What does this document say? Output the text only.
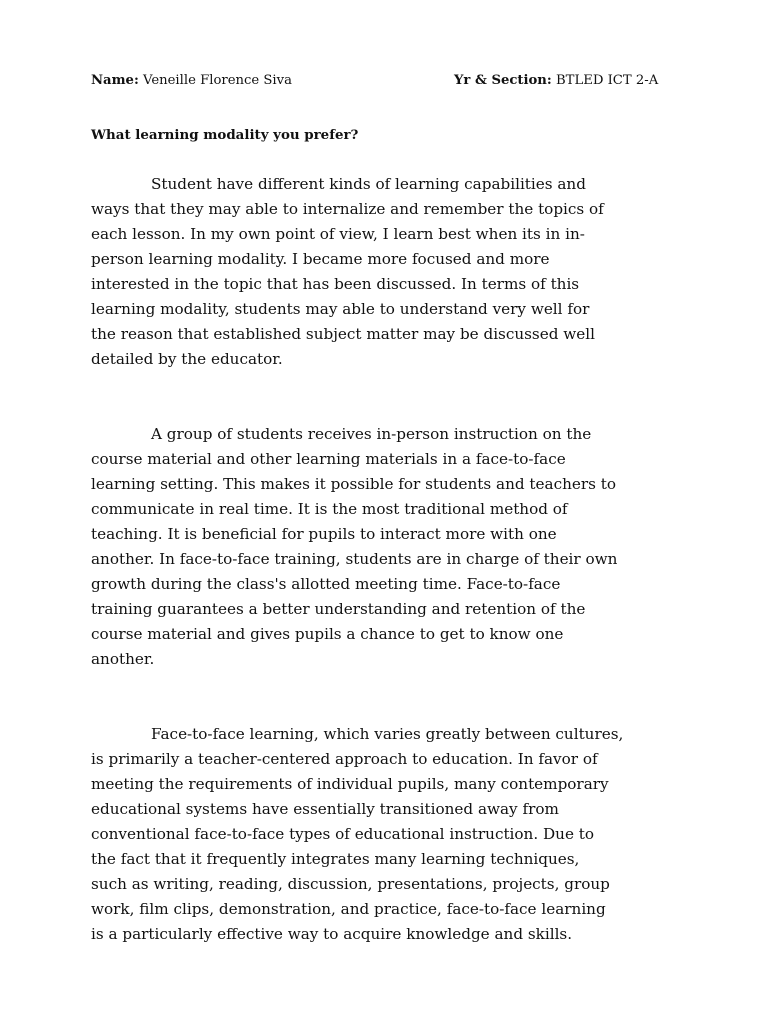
Name: Veneille Florence Siva	Yr & Section: BTLED ICT 2-A
What learning modality you prefer?
Student have different kinds of learning capabilities and
ways that they may able to internalize and remember the topics of
each lesson. In my own point of view, I learn best when its in in-
person learning modality. I became more focused and more
interested in the topic that has been discussed. In terms of this
learning modality, students may able to understand very well for
the reason that established subject matter may be discussed well
detailed by the educator.
A group of students receives in-person instruction on the
course material and other learning materials in a face-to-face
learning setting. This makes it possible for students and teachers to
communicate in real time. It is the most traditional method of
teaching. It is beneficial for pupils to interact more with one
another. In face-to-face training, students are in charge of their own
growth during the class's allotted meeting time. Face-to-face
training guarantees a better understanding and retention of the
course material and gives pupils a chance to get to know one
another.
Face-to-face learning, which varies greatly between cultures,
is primarily a teacher-centered approach to education. In favor of
meeting the requirements of individual pupils, many contemporary
educational systems have essentially transitioned away from
conventional face-to-face types of educational instruction. Due to
the fact that it frequently integrates many learning techniques,
such as writing, reading, discussion, presentations, projects, group
work, film clips, demonstration, and practice, face-to-face learning
is a particularly effective way to acquire knowledge and skills.
